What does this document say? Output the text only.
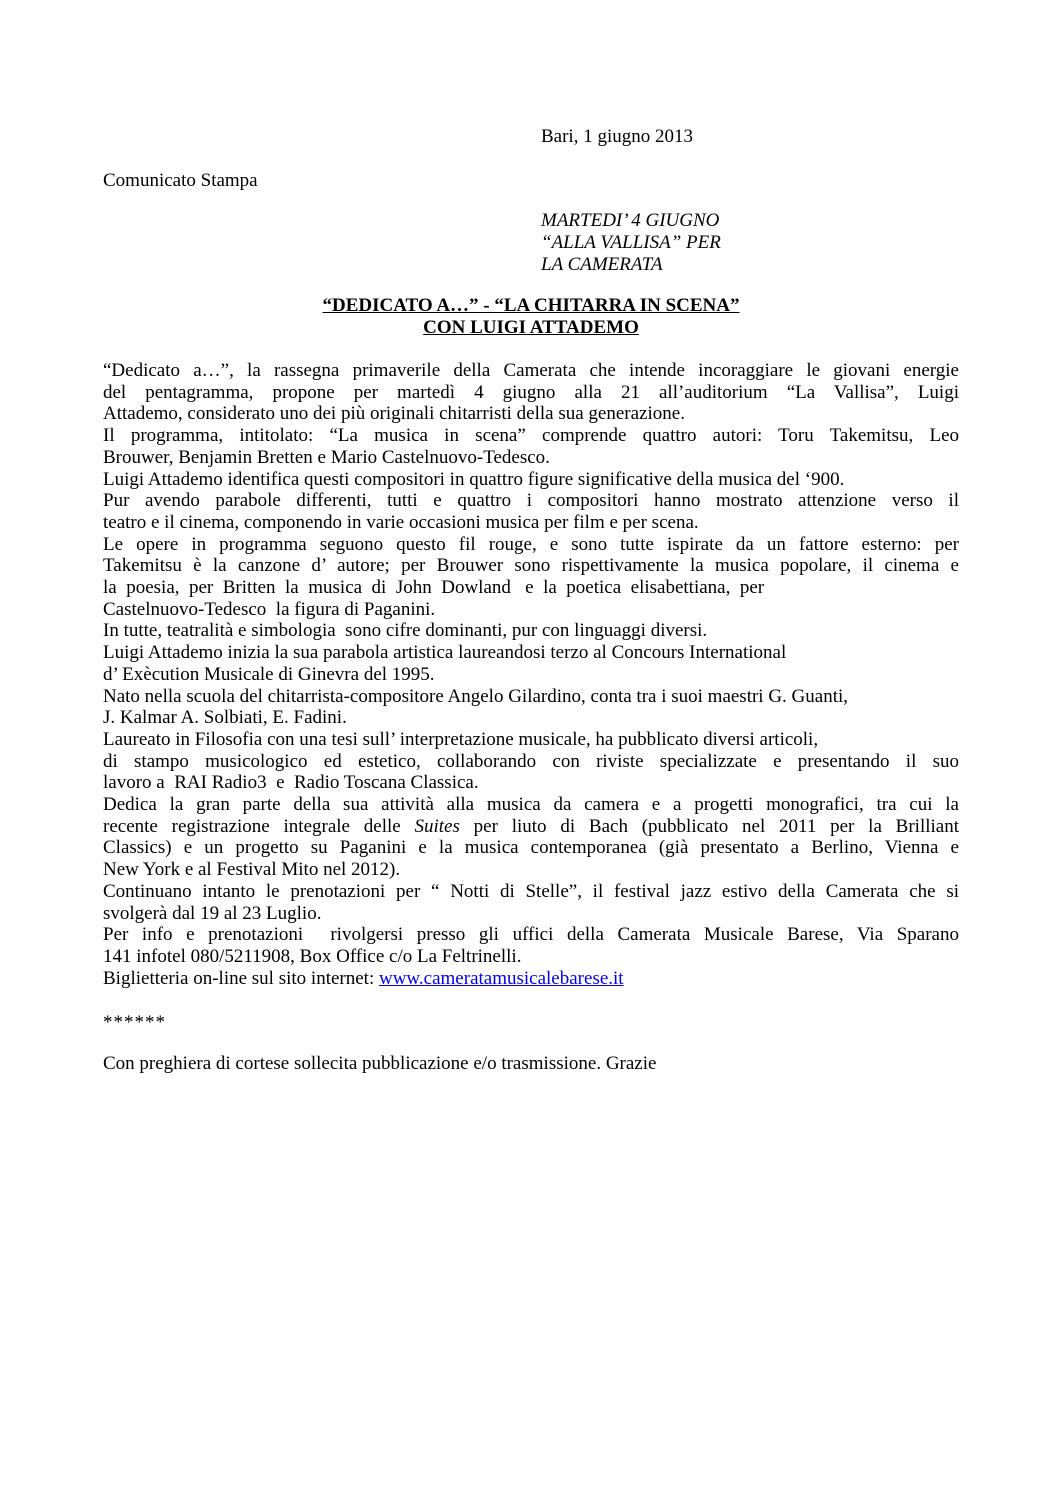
Bari, 1 giugno 2013
Comunicato Stampa
MARTEDI’ 4 GIUGNO
“ALLA VALLISA” PER
LA CAMERATA
“DEDICATO A…” - “LA CHITARRA IN SCENA”
CON LUIGI ATTADEMO
“Dedicato a…”, la rassegna primaverile della Camerata che intende incoraggiare le giovani energie
del pentagramma, propone per martedì 4 giugno alla 21 all’auditorium “La Vallisa”, Luigi
Attademo, considerato uno dei più originali chitarristi della sua generazione.
Il programma, intitolato: “La musica in scena” comprende quattro autori: Toru Takemitsu, Leo
Brouwer, Benjamin Bretten e Mario Castelnuovo-Tedesco.
Luigi Attademo identifica questi compositori in quattro figure significative della musica del ‘900.
Pur avendo parabole differenti, tutti e quattro i compositori hanno mostrato attenzione verso il
teatro e il cinema, componendo in varie occasioni musica per film e per scena.
Le opere in programma seguono questo fil rouge, e sono tutte ispirate da un fattore esterno: per
Takemitsu è la canzone d’ autore; per Brouwer sono rispettivamente la musica popolare, il cinema e
la  poesia,  per  Britten  la  musica  di  John  Dowland   e  la  poetica  elisabettiana,  per
Castelnuovo-Tedesco  la figura di Paganini.
In tutte, teatralità e simbologia  sono cifre dominanti, pur con linguaggi diversi.
Luigi Attademo inizia la sua parabola artistica laureandosi terzo al Concours International
d’ Exècution Musicale di Ginevra del 1995.
Nato nella scuola del chitarrista-compositore Angelo Gilardino, conta tra i suoi maestri G. Guanti,
J. Kalmar A. Solbiati, E. Fadini.
Laureato in Filosofia con una tesi sull’ interpretazione musicale, ha pubblicato diversi articoli,
di stampo musicologico ed estetico, collaborando con riviste specializzate e presentando il suo
lavoro a  RAI Radio3  e  Radio Toscana Classica.
Dedica la gran parte della sua attività alla musica da camera e a progetti monografici, tra cui la
recente registrazione integrale delle Suites per liuto di Bach (pubblicato nel 2011 per la Brilliant
Classics) e un progetto su Paganini e la musica contemporanea (già presentato a Berlino, Vienna e
New York e al Festival Mito nel 2012).
Continuano intanto le prenotazioni per “ Notti di Stelle”, il festival jazz estivo della Camerata che si
svolgerà dal 19 al 23 Luglio.
Per info e prenotazioni  rivolgersi presso gli uffici della Camerata Musicale Barese, Via Sparano
141 infotel 080/5211908, Box Office c/o La Feltrinelli.
Biglietteria on-line sul sito internet: www.cameratamusicalebarese.it
******
Con preghiera di cortese sollecita pubblicazione e/o trasmissione. Grazie
